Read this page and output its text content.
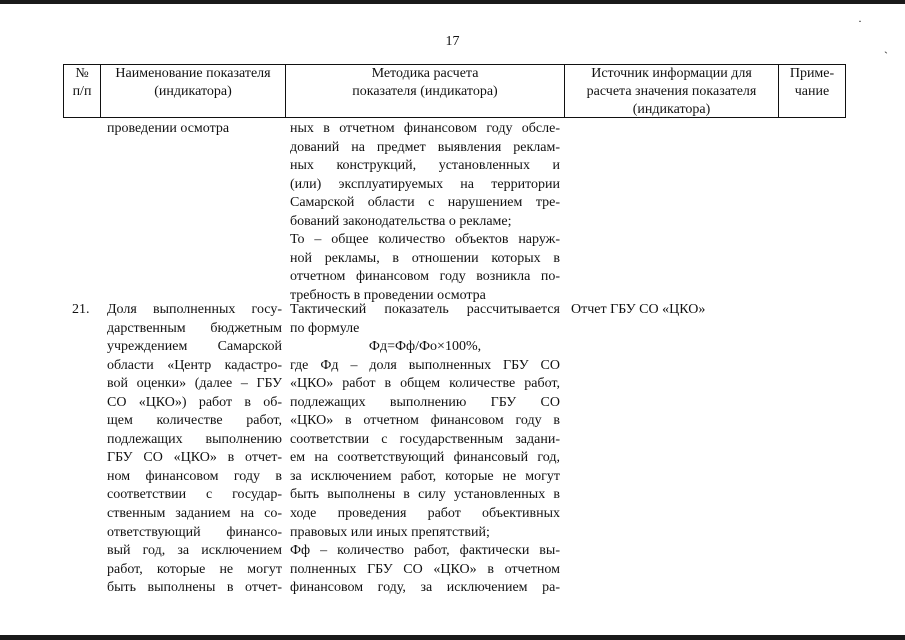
·
ˏ
17
№
п/п
Наименование показателя
(индикатора)
Методика расчета
показателя (индикатора)
Источник информации для
расчета значения показателя
(индикатора)
Приме-
чание
проведении осмотра	ных в отчетном финансовом году обсле-
дований на предмет выявления реклам-
ных конструкций, установленных и
(или) эксплуатируемых на территории
Самарской области с нарушением тре-
бований законодательства о рекламе;
То – общее количество объектов наруж-
ной рекламы, в отношении которых в
отчетном финансовом году возникла по-
требность в проведении осмотра
21.	Доля выполненных госу-
дарственным бюджетным
учреждением Самарской
области «Центр кадастро-
вой оценки» (далее – ГБУ
СО «ЦКО») работ в об-
щем количестве работ,
подлежащих выполнению
ГБУ СО «ЦКО» в отчет-
ном финансовом году в
соответствии с государ-
ственным заданием на со-
ответствующий финансо-
вый год, за исключением
работ, которые не могут
быть выполнены в отчет-
Тактический показатель рассчитывается
по формуле
Фд=Фф/Фо×100%,
где Фд – доля выполненных ГБУ СО
«ЦКО» работ в общем количестве работ,
подлежащих выполнению ГБУ СО
«ЦКО» в отчетном финансовом году в
соответствии с государственным задани-
ем на соответствующий финансовый год,
за исключением работ, которые не могут
быть выполнены в силу установленных в
ходе проведения работ объективных
правовых или иных препятствий;
Фф – количество работ, фактически вы-
полненных ГБУ СО «ЦКО» в отчетном
финансовом году, за исключением ра-
Отчет ГБУ СО «ЦКО»
